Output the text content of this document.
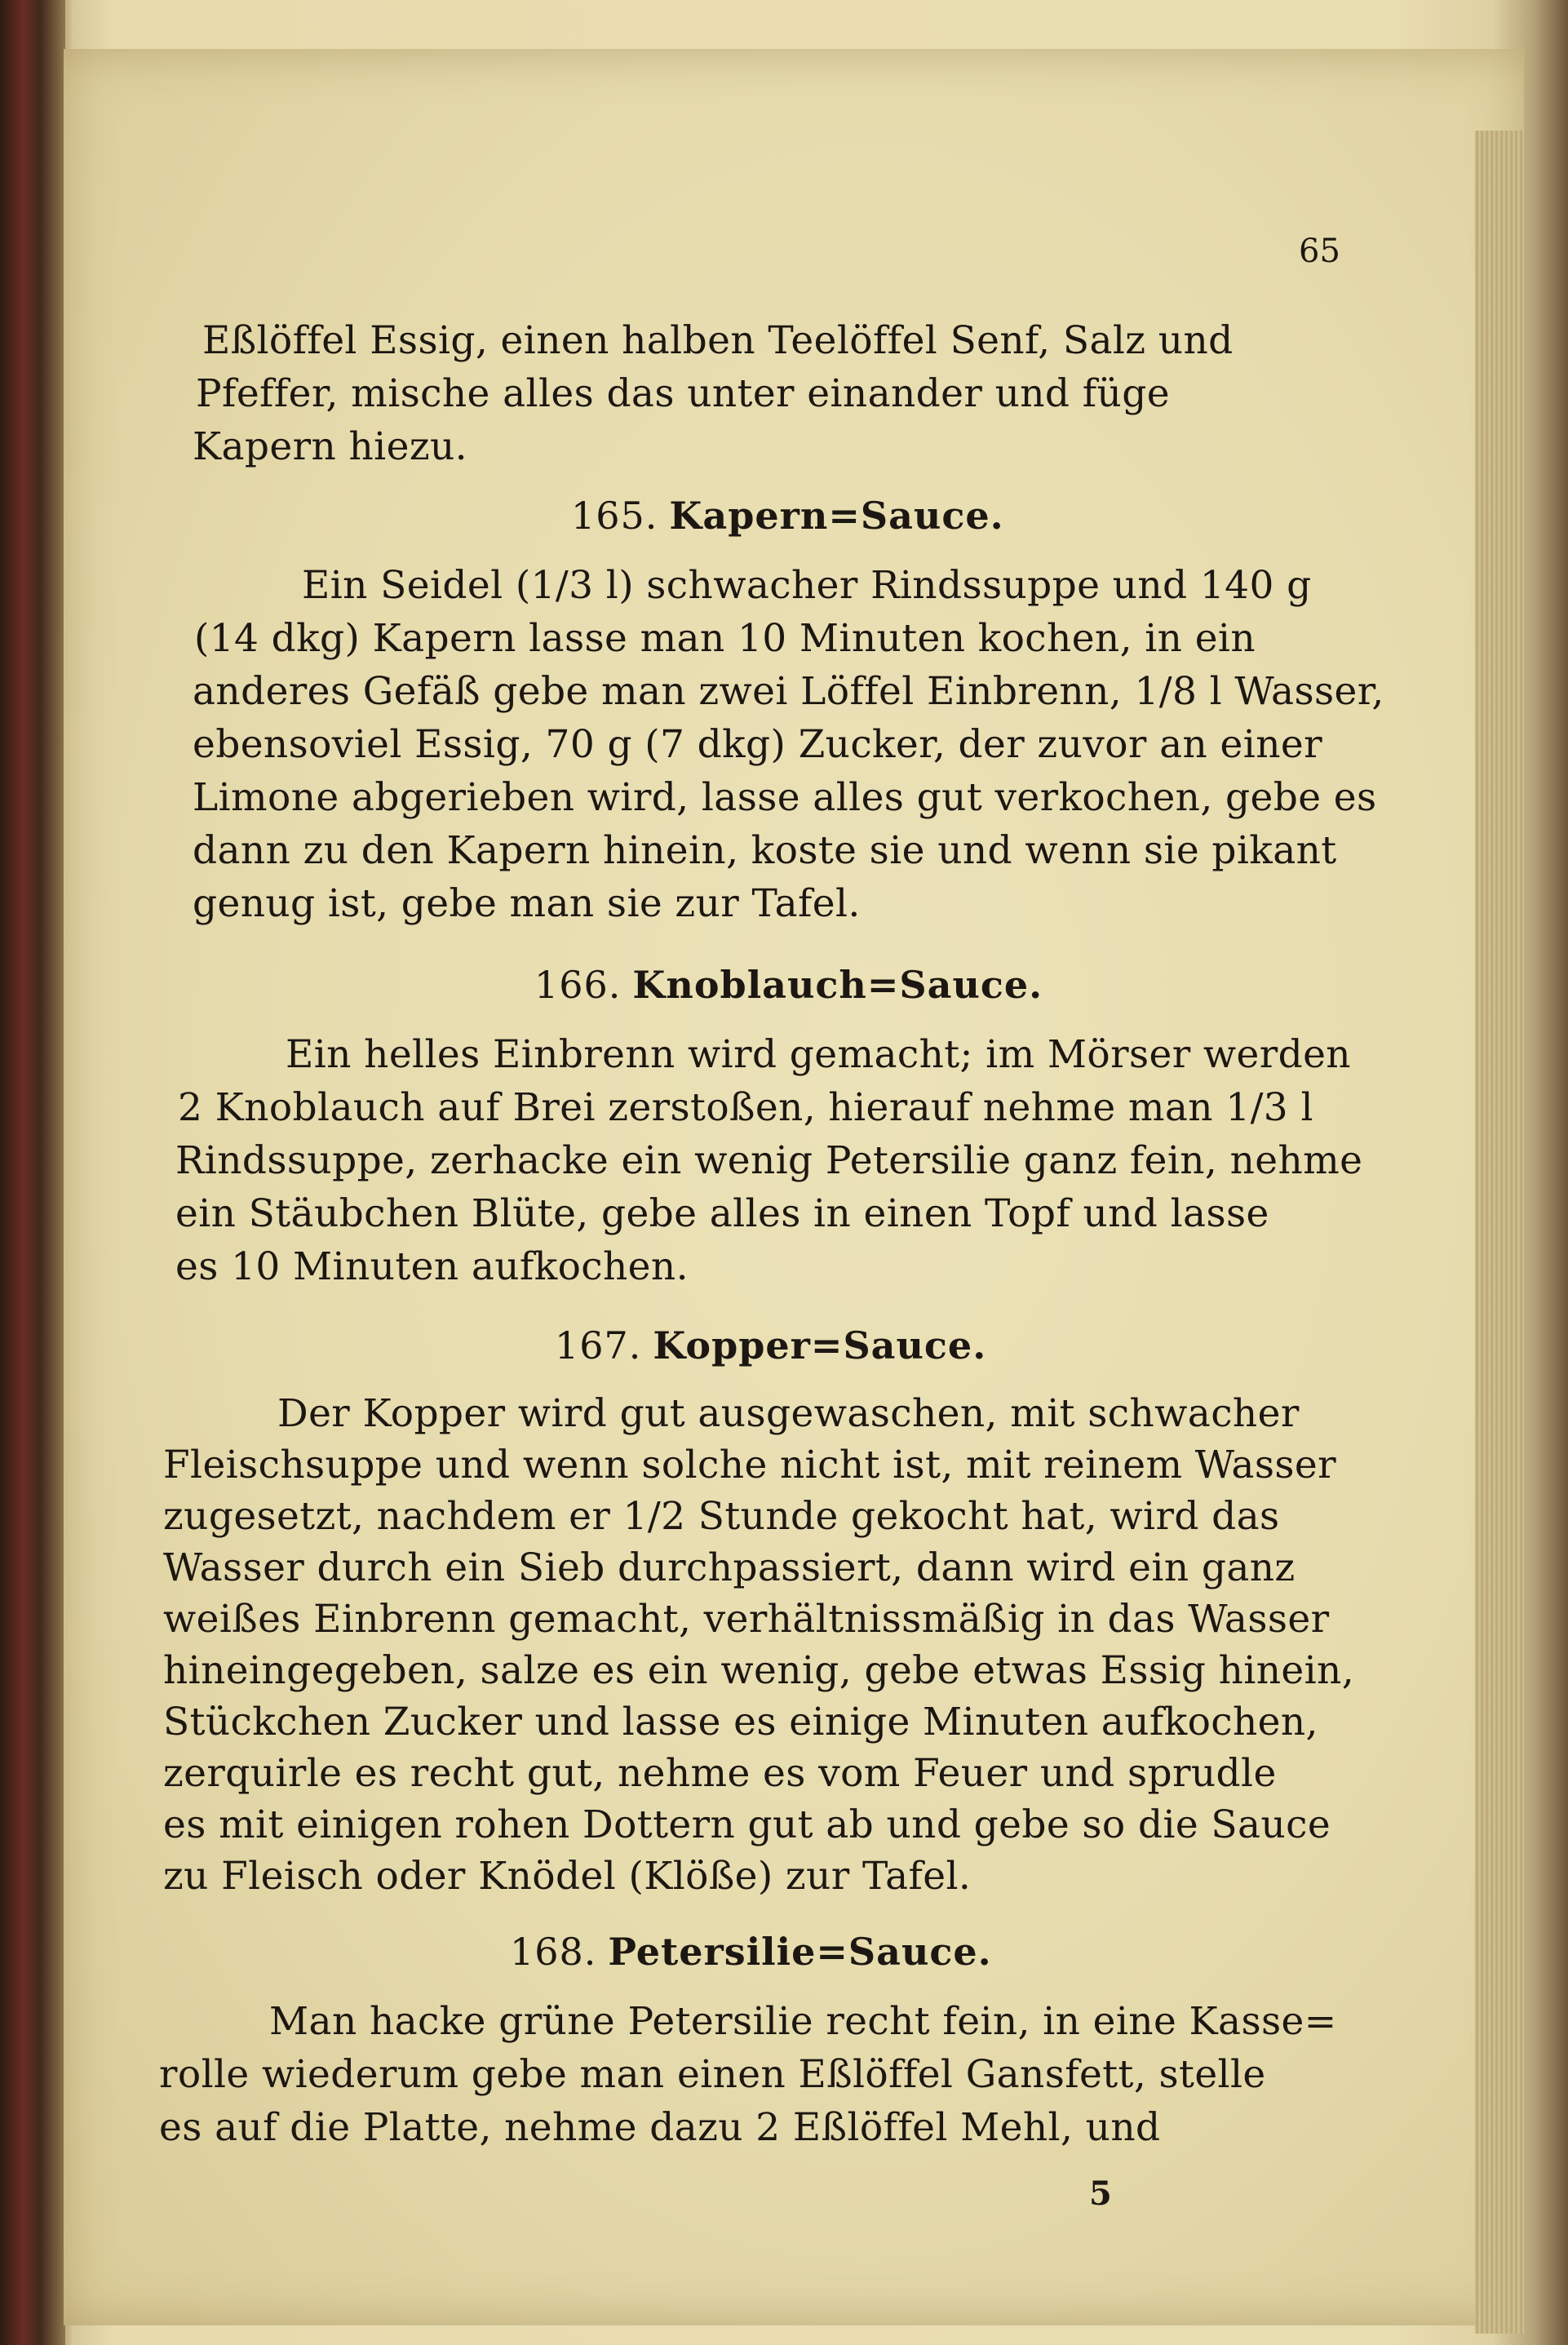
65
Eßlöffel Essig, einen halben Teelöffel Senf, Salz und
Pfeffer, mische alles das unter einander und füge
Kapern hiezu.
165. Kapern=Sauce.
Ein Seidel (1/3 l) schwacher Rindssuppe und 140 g
(14 dkg) Kapern lasse man 10 Minuten kochen, in ein
anderes Gefäß gebe man zwei Löffel Einbrenn, 1/8 l Wasser,
ebensoviel Essig, 70 g (7 dkg) Zucker, der zuvor an einer
Limone abgerieben wird, lasse alles gut verkochen, gebe es
dann zu den Kapern hinein, koste sie und wenn sie pikant
genug ist, gebe man sie zur Tafel.
166. Knoblauch=Sauce.
Ein helles Einbrenn wird gemacht; im Mörser werden
2 Knoblauch auf Brei zerstoßen, hierauf nehme man 1/3 l
Rindssuppe, zerhacke ein wenig Petersilie ganz fein, nehme
ein Stäubchen Blüte, gebe alles in einen Topf und lasse
es 10 Minuten aufkochen.
167. Kopper=Sauce.
Der Kopper wird gut ausgewaschen, mit schwacher
Fleischsuppe und wenn solche nicht ist, mit reinem Wasser
zugesetzt, nachdem er 1/2 Stunde gekocht hat, wird das
Wasser durch ein Sieb durchpassiert, dann wird ein ganz
weißes Einbrenn gemacht, verhältnissmäßig in das Wasser
hineingegeben, salze es ein wenig, gebe etwas Essig hinein,
Stückchen Zucker und lasse es einige Minuten aufkochen,
zerquirle es recht gut, nehme es vom Feuer und sprudle
es mit einigen rohen Dottern gut ab und gebe so die Sauce
zu Fleisch oder Knödel (Klöße) zur Tafel.
168. Petersilie=Sauce.
Man hacke grüne Petersilie recht fein, in eine Kasse=
rolle wiederum gebe man einen Eßlöffel Gansfett, stelle
es auf die Platte, nehme dazu 2 Eßlöffel Mehl, und
5
